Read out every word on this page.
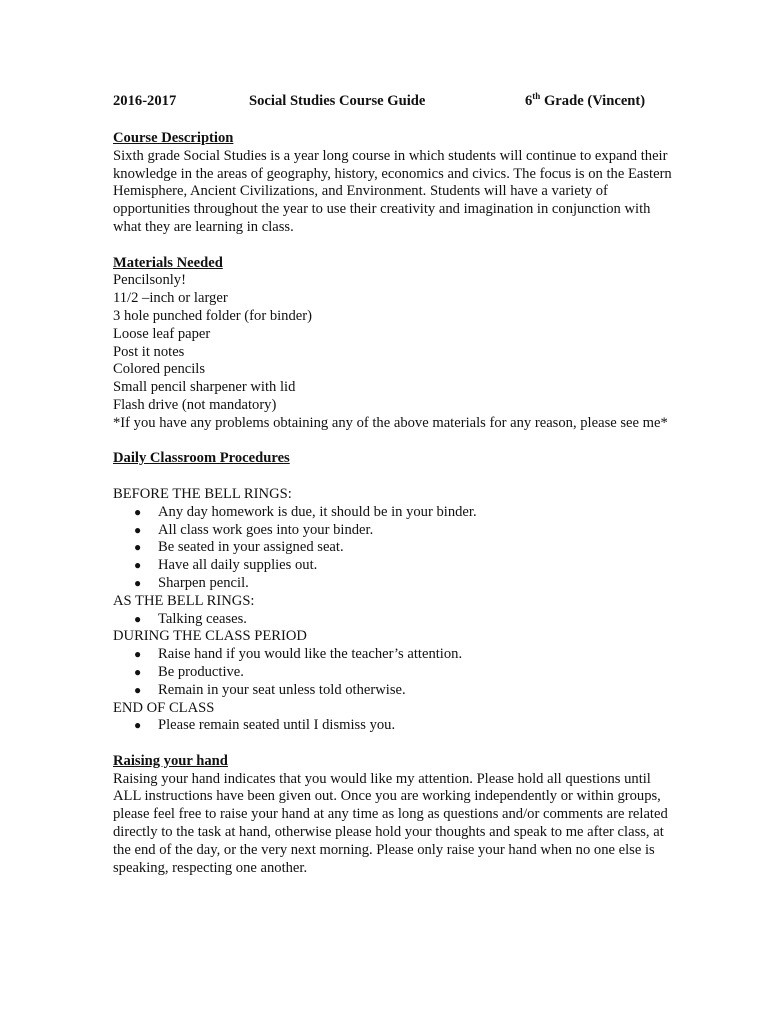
2016-2017	Social Studies Course Guide	6th Grade (Vincent)

Course Description

Sixth grade Social Studies is a year long course in which students will continue to expand their knowledge in the areas of geography, history, economics and civics. The focus is on the Eastern Hemisphere, Ancient Civilizations, and Environment. Students will have a variety of opportunities throughout the year to use their creativity and imagination in conjunction with what they are learning in class.

Materials Needed

Pencilsonly!

11/2 –inch or larger

3 hole punched folder (for binder)

Loose leaf paper

Post it notes

Colored pencils

Small pencil sharpener with lid

Flash drive (not mandatory)

*If you have any problems obtaining any of the above materials for any reason, please see me*

Daily Classroom Procedures

BEFORE THE BELL RINGS:

● Any day homework is due, it should be in your binder.
● All class work goes into your binder.
● Be seated in your assigned seat.
● Have all daily supplies out.
● Sharpen pencil.

AS THE BELL RINGS:

● Talking ceases.

DURING THE CLASS PERIOD

● Raise hand if you would like the teacher’s attention.
● Be productive.
● Remain in your seat unless told otherwise.

END OF CLASS

● Please remain seated until I dismiss you.

Raising your hand

Raising your hand indicates that you would like my attention. Please hold all questions until ALL instructions have been given out. Once you are working independently or within groups, please feel free to raise your hand at any time as long as questions and/or comments are related directly to the task at hand, otherwise please hold your thoughts and speak to me after class, at the end of the day, or the very next morning. Please only raise your hand when no one else is speaking, respecting one another.
